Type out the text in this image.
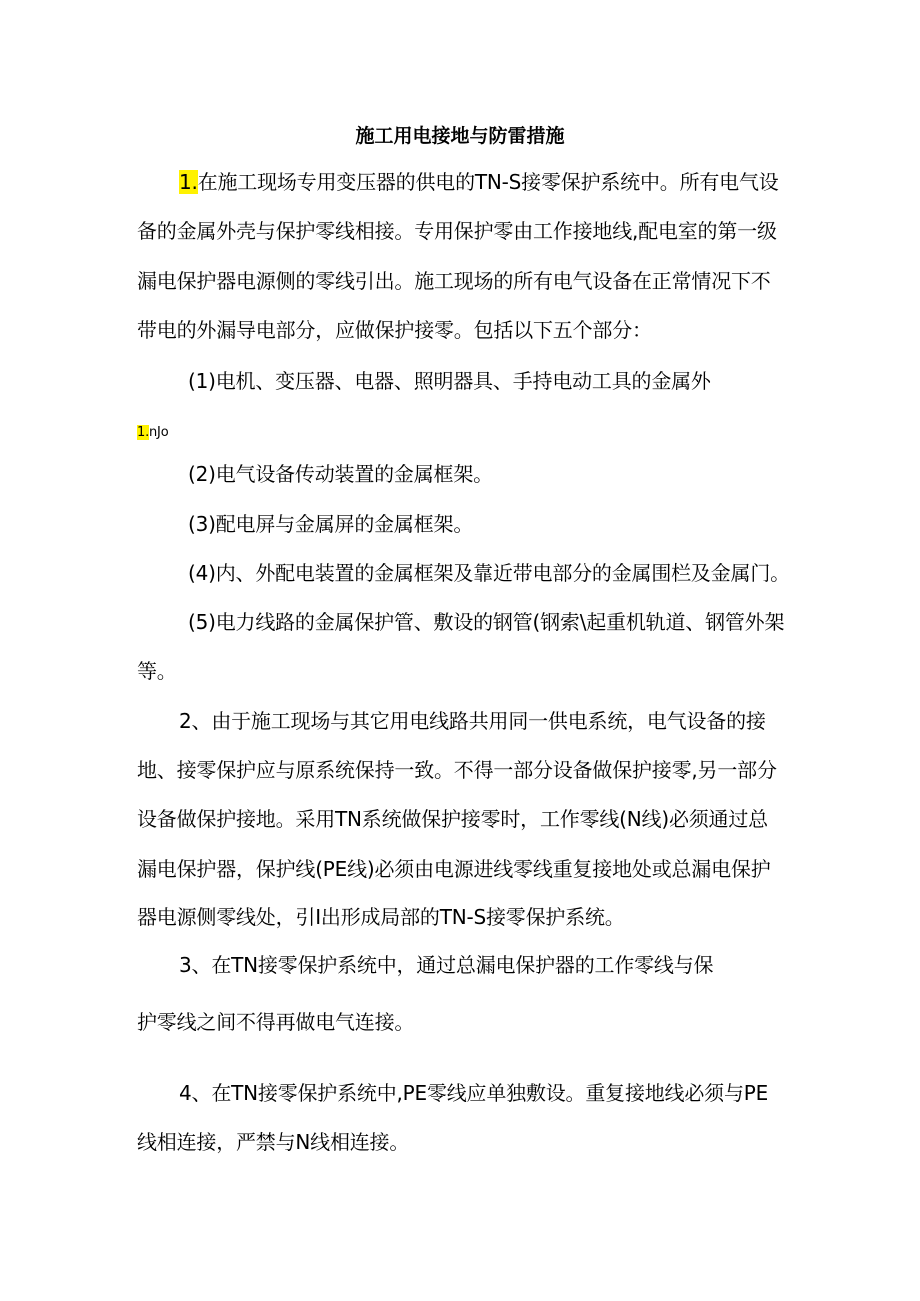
施工用电接地与防雷措施
1.在施工现场专用变压器的供电的TN-S接零保护系统中。所有电气设
备的金属外壳与保护零线相接。专用保护零由工作接地线,配电室的第一级
漏电保护器电源侧的零线引出。施工现场的所有电气设备在正常情况下不
带电的外漏导电部分，应做保护接零。包括以下五个部分：
(1)电机、变压器、电器、照明器具、手持电动工具的金属外
1.nJo
(2)电气设备传动装置的金属框架。
(3)配电屏与金属屏的金属框架。
(4)内、外配电装置的金属框架及靠近带电部分的金属围栏及金属门。
(5)电力线路的金属保护管、敷设的钢管(钢索\起重机轨道、钢管外架
等。
2、由于施工现场与其它用电线路共用同一供电系统，电气设备的接
地、接零保护应与原系统保持一致。不得一部分设备做保护接零,另一部分
设备做保护接地。采用TN系统做保护接零时，工作零线(N线)必须通过总
漏电保护器，保护线(PE线)必须由电源进线零线重复接地处或总漏电保护
器电源侧零线处，引I出形成局部的TN-S接零保护系统。
3、在TN接零保护系统中，通过总漏电保护器的工作零线与保
护零线之间不得再做电气连接。
4、在TN接零保护系统中,PE零线应单独敷设。重复接地线必须与PE
线相连接，严禁与N线相连接。
